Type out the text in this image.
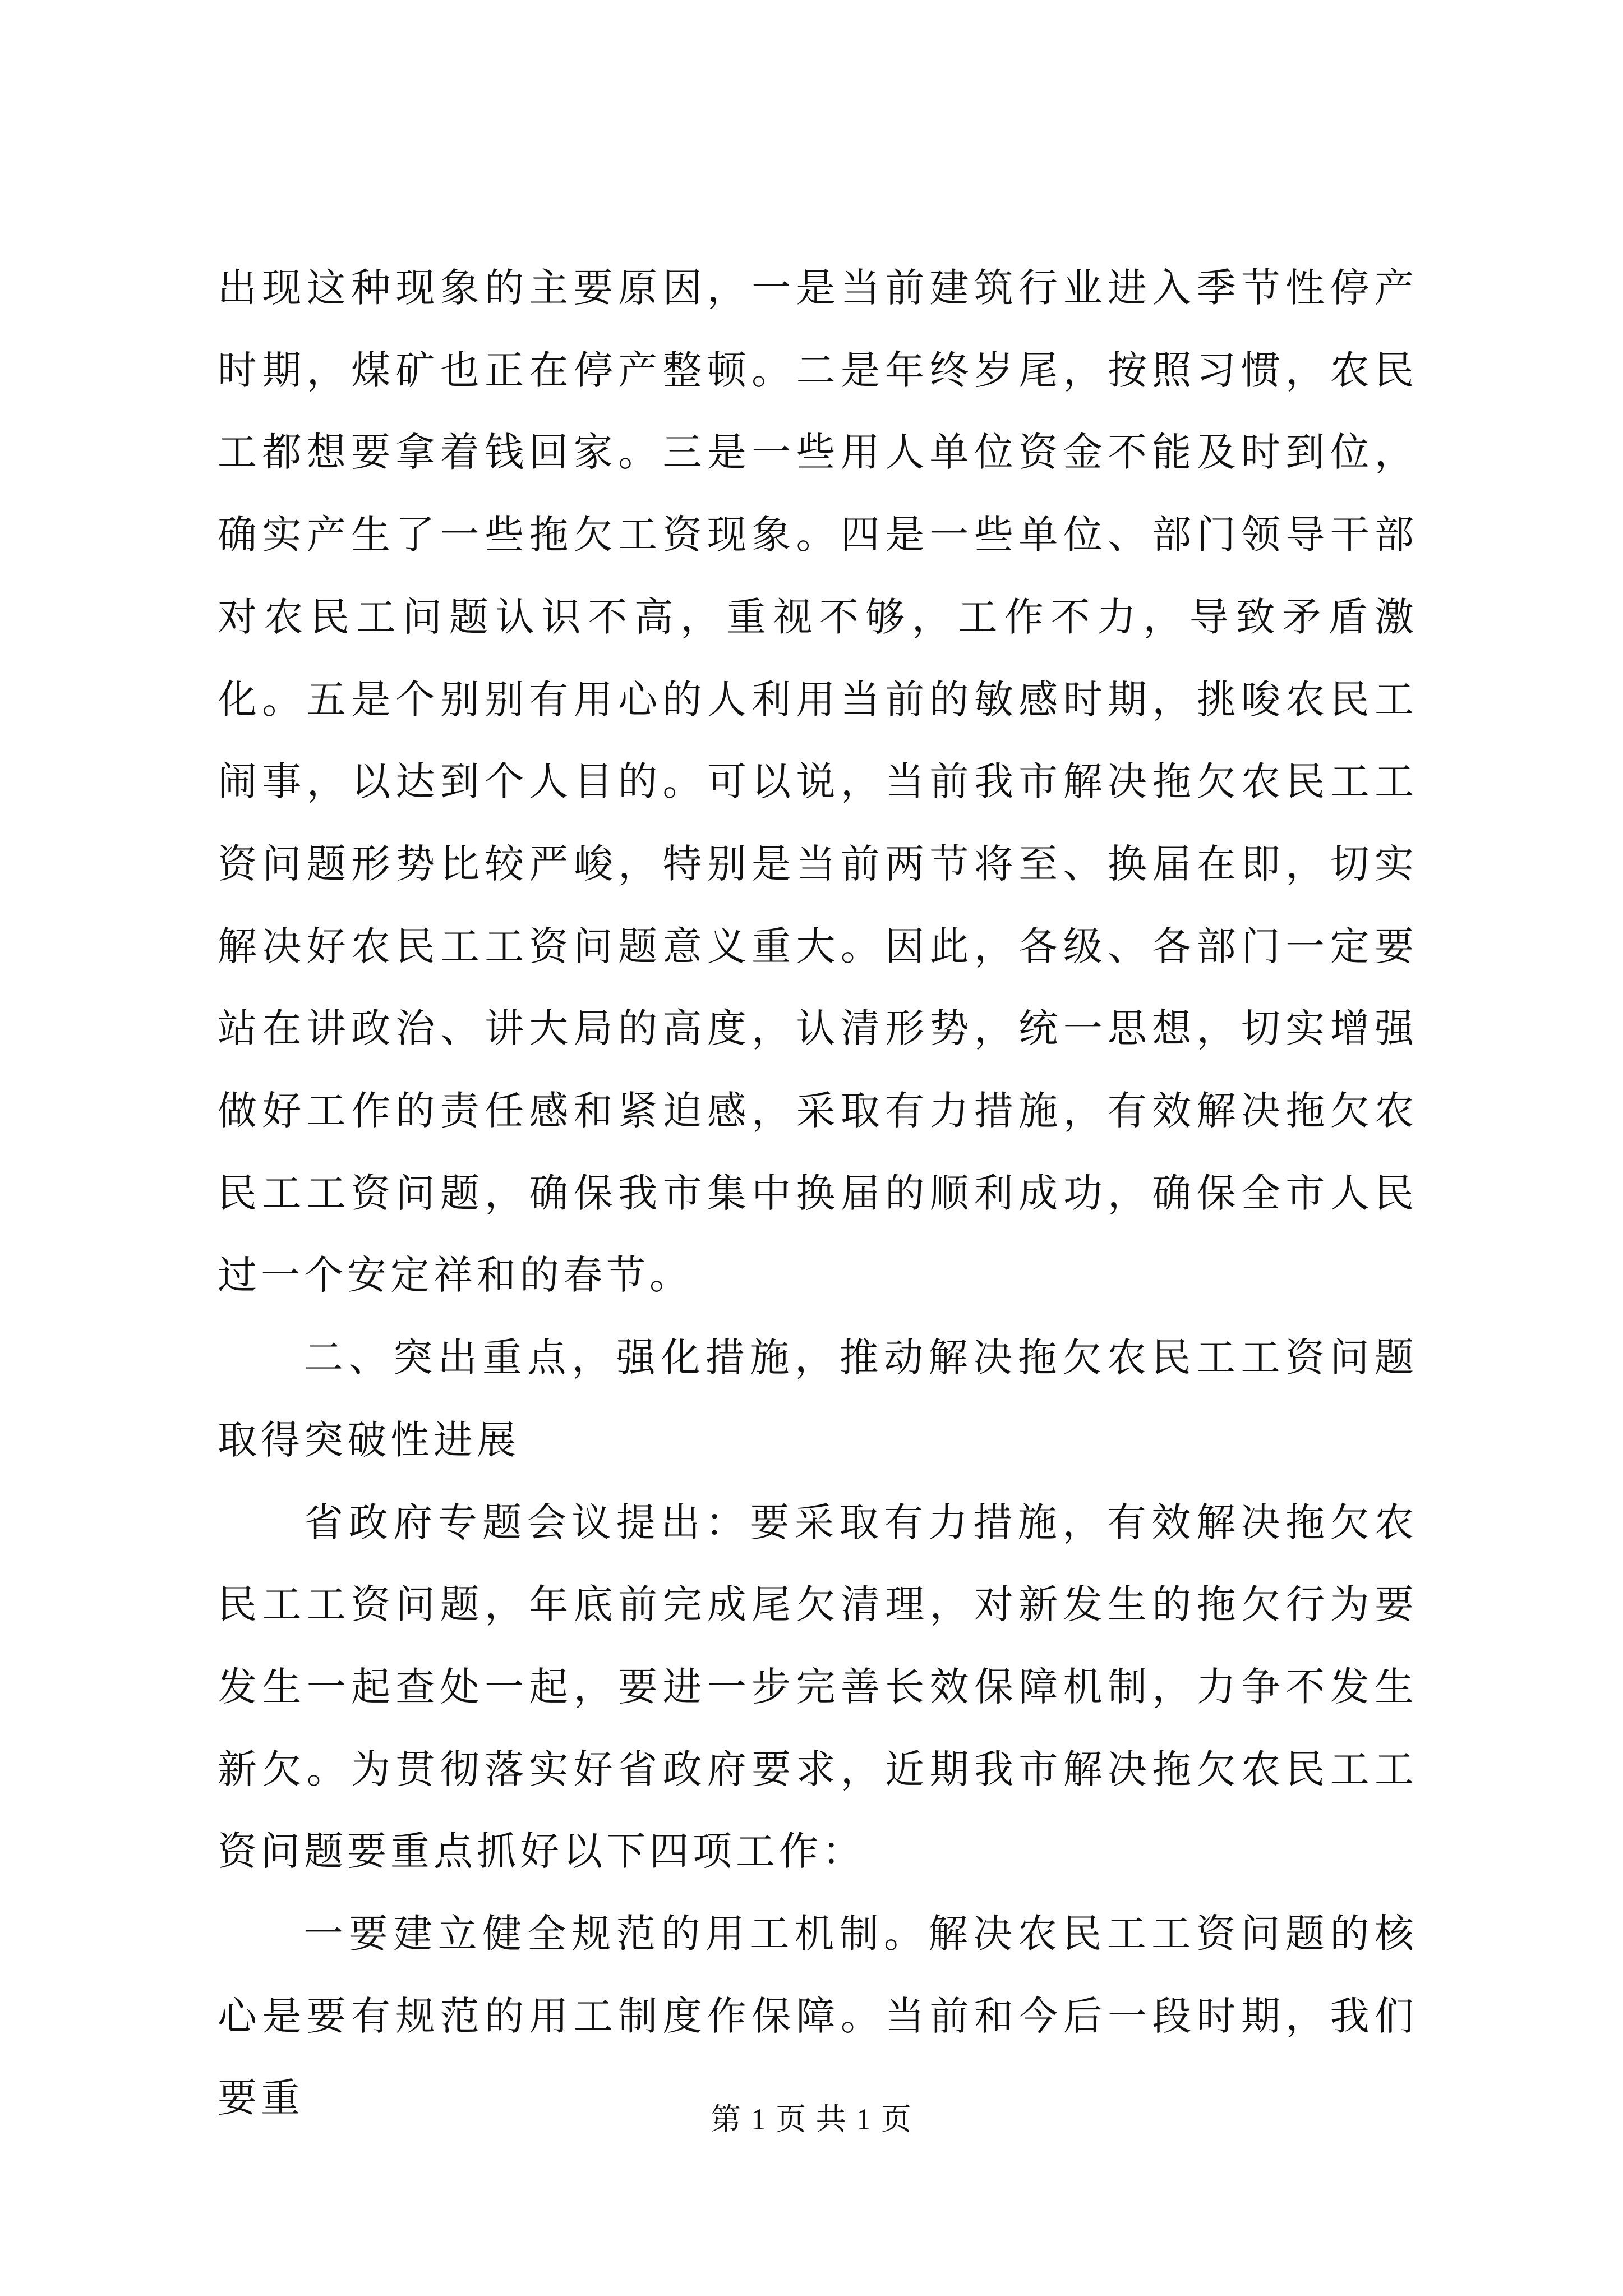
出现这种现象的主要原因，一是当前建筑行业进入季节性停产时期，煤矿也正在停产整顿。二是年终岁尾，按照习惯，农民工都想要拿着钱回家。三是一些用人单位资金不能及时到位，确实产生了一些拖欠工资现象。四是一些单位、部门领导干部对农民工问题认识不高，重视不够，工作不力，导致矛盾激化。五是个别别有用心的人利用当前的敏感时期，挑唆农民工闹事，以达到个人目的。可以说，当前我市解决拖欠农民工工资问题形势比较严峻，特别是当前两节将至、换届在即，切实解决好农民工工资问题意义重大。因此，各级、各部门一定要站在讲政治、讲大局的高度，认清形势，统一思想，切实增强做好工作的责任感和紧迫感，采取有力措施，有效解决拖欠农民工工资问题，确保我市集中换届的顺利成功，确保全市人民过一个安定祥和的春节。

二、突出重点，强化措施，推动解决拖欠农民工工资问题取得突破性进展

省政府专题会议提出：要采取有力措施，有效解决拖欠农民工工资问题，年底前完成尾欠清理，对新发生的拖欠行为要发生一起查处一起，要进一步完善长效保障机制，力争不发生新欠。为贯彻落实好省政府要求，近期我市解决拖欠农民工工资问题要重点抓好以下四项工作：

一要建立健全规范的用工机制。解决农民工工资问题的核心是要有规范的用工制度作保障。当前和今后一段时期，我们要重	第 1 页 共 1 页
